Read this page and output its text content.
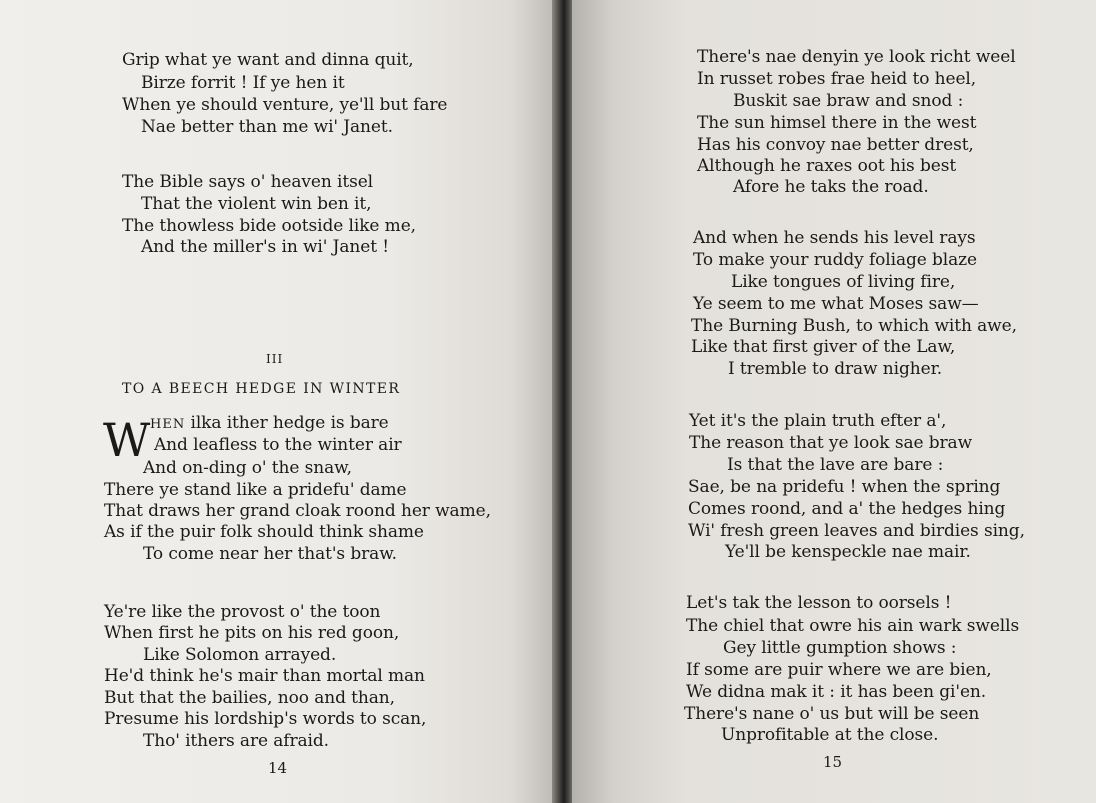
Grip what ye want and dinna quit,
Birze forrit ! If ye hen it
When ye should venture, ye'll but fare
Nae better than me wi' Janet.
The Bible says o' heaven itsel
That the violent win ben it,
The thowless bide ootside like me,
And the miller's in wi' Janet !
III
TO A BEECH HEDGE IN WINTER
W HEN ilka ither hedge is bare
And leafless to the winter air
And on-ding o' the snaw,
There ye stand like a pridefu' dame
That draws her grand cloak roond her wame,
As if the puir folk should think shame
To come near her that's braw.
Ye're like the provost o' the toon
When first he pits on his red goon,
Like Solomon arrayed.
He'd think he's mair than mortal man
But that the bailies, noo and than,
Presume his lordship's words to scan,
Tho' ithers are afraid.
14
There's nae denyin ye look richt weel
In russet robes frae heid to heel,
Buskit sae braw and snod :
The sun himsel there in the west
Has his convoy nae better drest,
Although he raxes oot his best
Afore he taks the road.
And when he sends his level rays
To make your ruddy foliage blaze
Like tongues of living fire,
Ye seem to me what Moses saw—
The Burning Bush, to which with awe,
Like that first giver of the Law,
I tremble to draw nigher.
Yet it's the plain truth efter a',
The reason that ye look sae braw
Is that the lave are bare :
Sae, be na pridefu ! when the spring
Comes roond, and a' the hedges hing
Wi' fresh green leaves and birdies sing,
Ye'll be kenspeckle nae mair.
Let's tak the lesson to oorsels !
The chiel that owre his ain wark swells
Gey little gumption shows :
If some are puir where we are bien,
We didna mak it : it has been gi'en.
There's nane o' us but will be seen
Unprofitable at the close.
15
